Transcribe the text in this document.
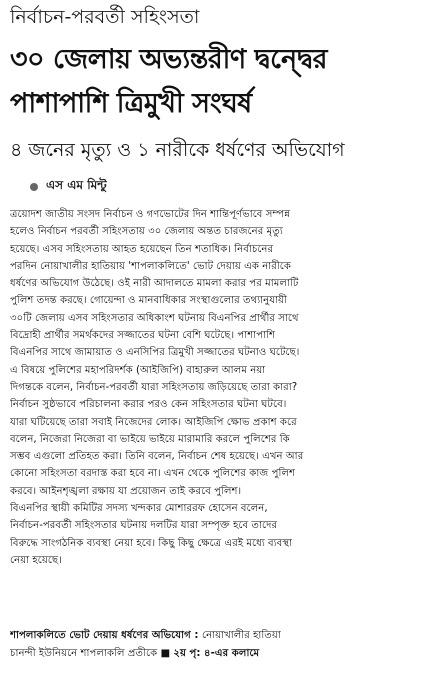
নির্বাচন-পরবর্তী সহিংসতা
৩০ জেলায় অভ্যন্তরীণ দ্বন্দ্বের
পাশাপাশি ত্রিমুখী সংঘর্ষ
৪ জনের মৃত্যু ও ১ নারীকে ধর্ষণের অভিযোগ
এস এম মিন্টু
ত্রয়োদশ জাতীয় সংসদ নির্বাচন ও গণভোটের দিন শান্তিপূর্ণভাবে সম্পন্ন
হলেও নির্বাচন পরবর্তী সহিংসতায় ৩০ জেলায় অন্তত চারজনের মৃত্যু
হয়েছে। এসব সহিংসতায় আহত হয়েছেন তিন শতাধিক। নির্বাচনের
পরদিন নোয়াখালীর হাতিয়ায় 'শাপলাকলিতে' ভোট দেয়ায় এক নারীকে
ধর্ষণের অভিযোগ উঠেছে। ওই নারী আদালতে মামলা করার পর মামলাটি
পুলিশ তদন্ত করছে। গোয়েন্দা ও মানবাধিকার সংস্থাগুলোর তথ্যানুযায়ী
৩০টি জেলায় এসব সহিংসতার অধিকাংশ ঘটনায় বিএনপির প্রার্থীর সাথে
বিদ্রোহী প্রার্থীর সমর্থকদের সজ্জাতের ঘটনা বেশি ঘটেছে। পাশাপাশি
বিএনপির সাথে জামায়াত ও এনসিপির ত্রিমুখী সজ্জাতের ঘটনাও ঘটেছে।
এ বিষয়ে পুলিশের মহাপরিদর্শক (আইজিপি) বাহারুল আলম নয়া
দিগন্তকে বলেন, নির্বাচন-পরবর্তী যারা সহিংসতায় জড়িয়েছে তারা কারা?
নির্বাচন সুষ্ঠভাবে পরিচালনা করার পরও কেন সহিংসতার ঘটনা ঘটবে।
যারা ঘটিয়েছে তারা সবাই নিজেদের লোক। আইজিপি ক্ষোভ প্রকাশ করে
বলেন, নিজেরা নিজেরা বা ভাইয়ে ভাইয়ে মারামারি করলে পুলিশের কি
সম্ভব এগুলো প্রতিহত করা। তিনি বলেন, নির্বাচন শেষ হয়েছে। এখন আর
কোনো সহিংসতা বরদাস্ত করা হবে না। এখন থেকে পুলিশের কাজ পুলিশ
করবে। আইনশৃঙ্খলা রক্ষায় যা প্রয়োজন তাই করবে পুলিশ।
বিএনপির স্থায়ী কমিটির সদস্য খন্দকার মোশাররফ হোসেন বলেন,
নির্বাচন-পরবর্তী সহিংসতার ঘটনায় দলটির যারা সম্পৃক্ত হবে তাদের
বিরুদ্ধে সাংগঠনিক ব্যবস্থা নেয়া হবে। কিছু কিছু ক্ষেত্রে এরই মধ্যে ব্যবস্থা
নেয়া হয়েছে।
শাপলাকলিতে ভোট দেয়ায় ধর্ষণের অভিযোগ : নোয়াখালীর হাতিয়া
চানন্দী ইউনিয়নে শাপলাকলি প্রতীকে ■ ২য় পৃ: ৪-এর কলামে
